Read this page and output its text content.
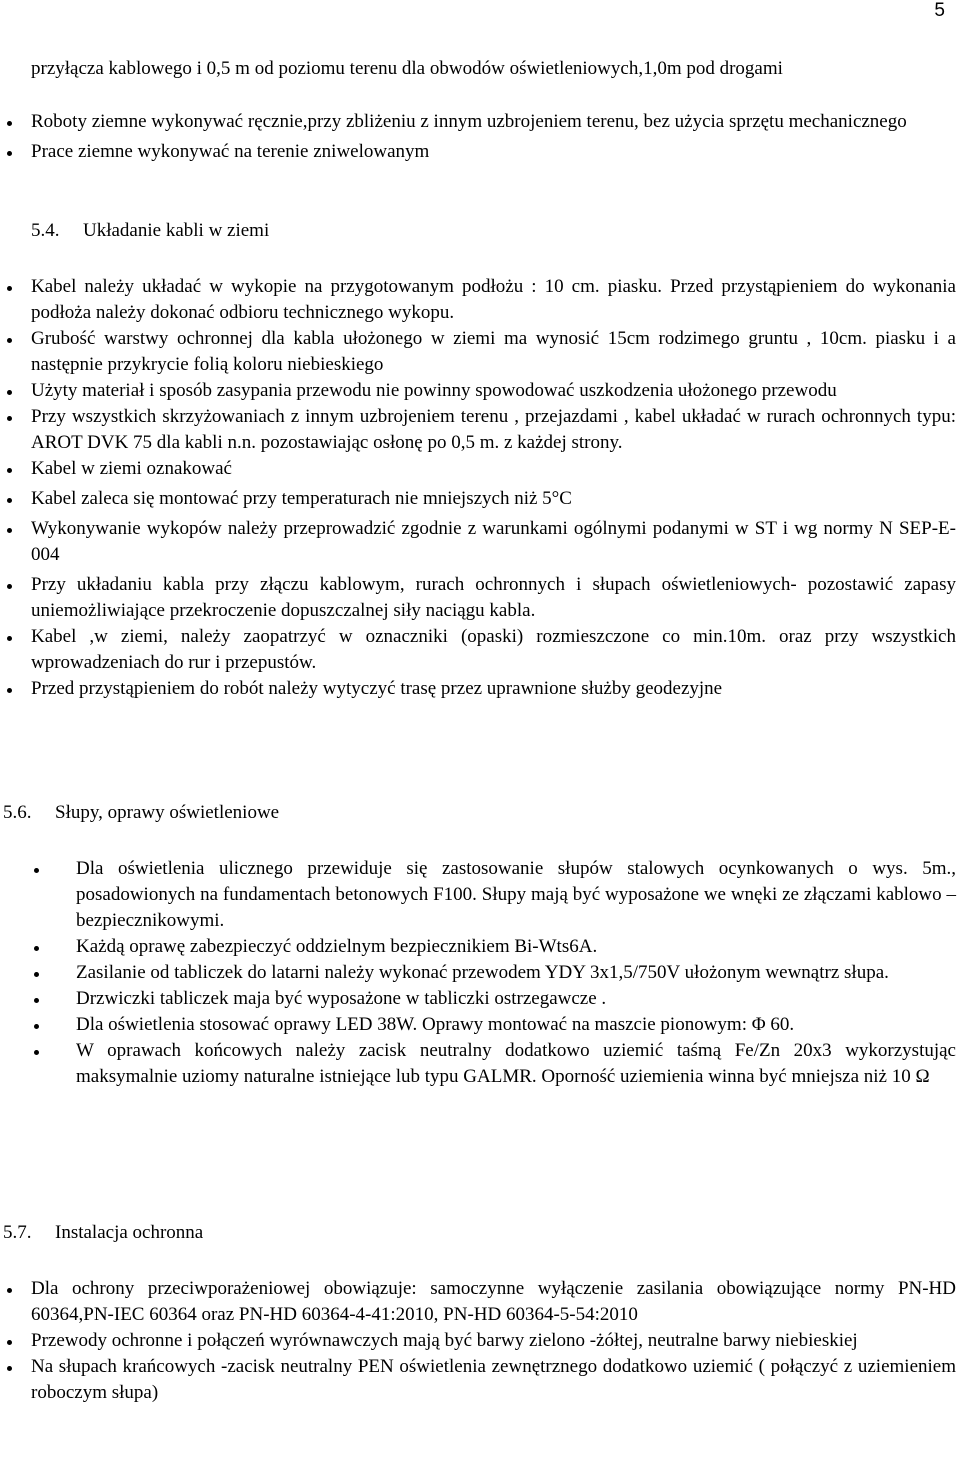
5

przyłącza kablowego i 0,5 m od poziomu terenu dla obwodów oświetleniowych,1,0m pod drogami

Roboty ziemne wykonywać ręcznie,przy zbliżeniu z innym uzbrojeniem terenu, bez użycia sprzętu mechanicznego
Prace ziemne wykonywać na terenie zniwelowanym
5.4. Układanie kabli w ziemi
Kabel należy układać w wykopie na przygotowanym podłożu : 10 cm. piasku. Przed przystąpieniem do wykonania podłoża należy dokonać odbioru technicznego wykopu.
Grubość warstwy ochronnej dla kabla ułożonego w ziemi ma wynosić 15cm rodzimego gruntu , 10cm. piasku i a następnie przykrycie folią koloru niebieskiego
Użyty materiał i sposób zasypania przewodu nie powinny spowodować uszkodzenia ułożonego przewodu
Przy wszystkich skrzyżowaniach z innym uzbrojeniem terenu , przejazdami , kabel układać w rurach ochronnych typu: AROT DVK 75 dla kabli n.n. pozostawiając osłonę po 0,5 m. z każdej strony.
Kabel w ziemi oznakować
Kabel zaleca się montować przy temperaturach nie mniejszych niż 5°C
Wykonywanie wykopów należy przeprowadzić zgodnie z warunkami ogólnymi podanymi w ST i wg normy N SEP-E-004
Przy układaniu kabla przy złączu kablowym, rurach ochronnych i słupach oświetleniowych- pozostawić zapasy uniemożliwiające przekroczenie dopuszczalnej siły naciągu kabla.
Kabel ,w ziemi, należy zaopatrzyć w oznaczniki (opaski) rozmieszczone co min.10m. oraz przy wszystkich wprowadzeniach do rur i przepustów.
Przed przystąpieniem do robót należy wytyczyć trasę przez uprawnione służby geodezyjne
5.6. Słupy, oprawy oświetleniowe
Dla oświetlenia ulicznego przewiduje się zastosowanie słupów stalowych ocynkowanych o wys. 5m., posadowionych na fundamentach betonowych F100. Słupy mają być wyposażone we wnęki ze złączami kablowo – bezpiecznikowymi.
Każdą oprawę zabezpieczyć oddzielnym bezpiecznikiem Bi-Wts6A.
Zasilanie od tabliczek do latarni należy wykonać przewodem YDY 3x1,5/750V ułożonym wewnątrz słupa.
Drzwiczki tabliczek maja być wyposażone w tabliczki ostrzegawcze .
Dla oświetlenia stosować oprawy LED 38W. Oprawy montować na maszcie pionowym: Φ 60.
W oprawach końcowych należy zacisk neutralny dodatkowo uziemić taśmą Fe/Zn 20x3 wykorzystując maksymalnie uziomy naturalne istniejące lub typu GALMR. Oporność uziemienia winna być mniejsza niż 10 Ω
5.7. Instalacja ochronna
Dla ochrony przeciwporażeniowej obowiązuje: samoczynne wyłączenie zasilania obowiązujące normy PN-HD 60364,PN-IEC 60364 oraz PN-HD 60364-4-41:2010, PN-HD 60364-5-54:2010
Przewody ochronne i połączeń wyrównawczych mają być barwy zielono -żółtej, neutralne barwy niebieskiej
Na słupach krańcowych -zacisk neutralny PEN oświetlenia zewnętrznego dodatkowo uziemić ( połączyć z uziemieniem roboczym słupa)
